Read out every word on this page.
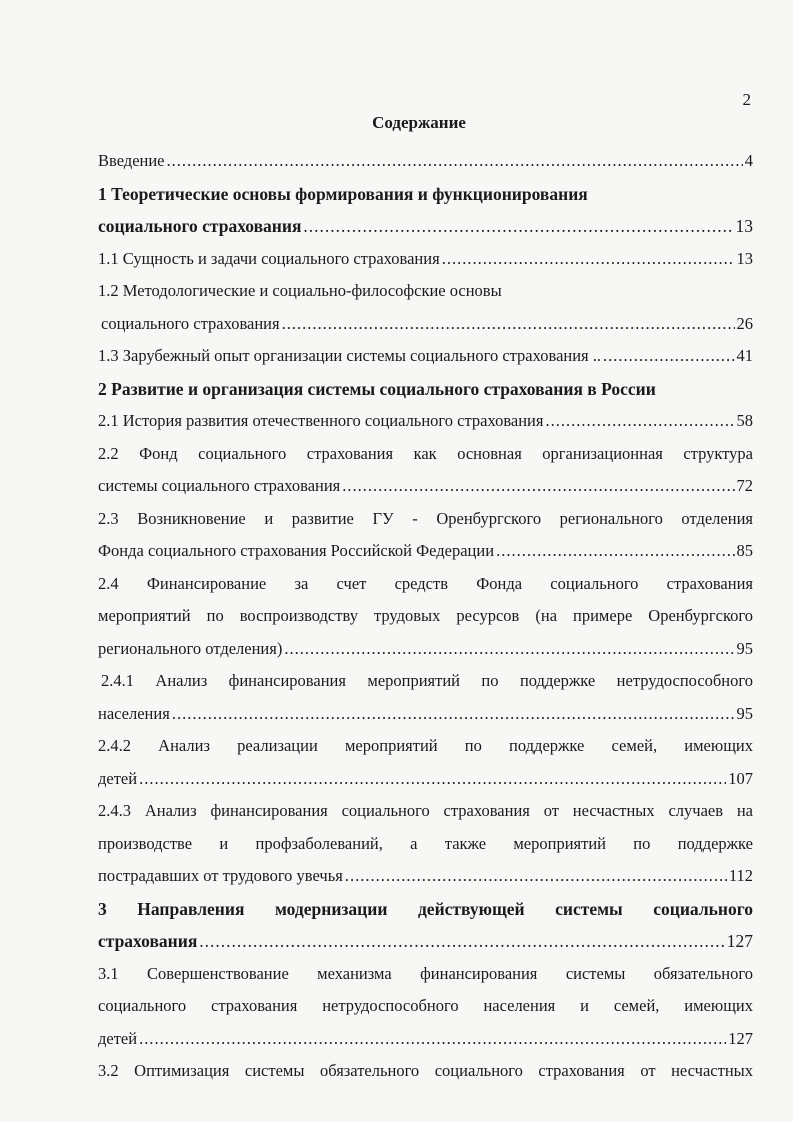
2
Содержание
Введение .....	4
1 Теоретические основы формирования и функционирования
социального страхования .....	13
1.1 Сущность и задачи социального страхования .....	13
1.2 Методологические и социально-философские основы
социального страхования .....	26
1.3 Зарубежный опыт организации системы социального страхования .. .....	41
2 Развитие и организация системы социального страхования в России
2.1 История развития отечественного социального страхования .....	58
2.2 Фонд социального страхования как основная организационная структура
системы социального страхования .....	72
2.3 Возникновение и развитие ГУ - Оренбургского регионального отделения
Фонда социального страхования Российской Федерации .....	85
2.4 Финансирование за счет средств Фонда социального страхования
мероприятий по воспроизводству трудовых ресурсов (на примере Оренбургского
регионального отделения) .....	95
2.4.1 Анализ финансирования мероприятий по поддержке нетрудоспособного
населения .....	95
2.4.2 Анализ реализации мероприятий по поддержке семей, имеющих
детей .....	107
2.4.3 Анализ финансирования социального страхования от несчастных случаев на
производстве и профзаболеваний, а также мероприятий по поддержке
пострадавших от трудового увечья .....	112
3 Направления модернизации действующей системы социального
страхования .....	127
3.1 Совершенствование механизма финансирования системы обязательного
социального страхования нетрудоспособного населения и семей, имеющих
детей .....	127
3.2 Оптимизация системы обязательного социального страхования от несчастных
